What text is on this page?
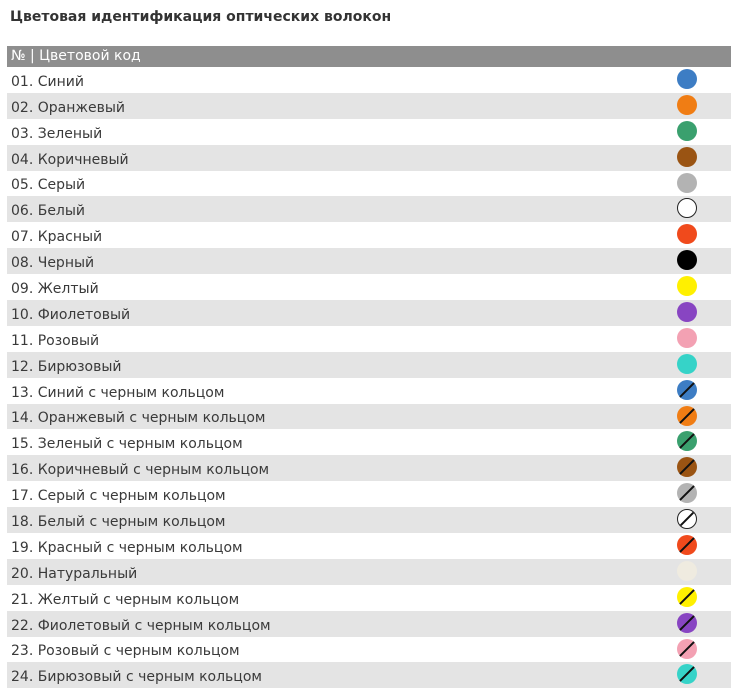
Цветовая идентификация оптических волокон
№ | Цветовой код
01. Синий
02. Оранжевый
03. Зеленый
04. Коричневый
05. Серый
06. Белый
07. Красный
08. Черный
09. Желтый
10. Фиолетовый
11. Розовый
12. Бирюзовый
13. Синий с черным кольцом
14. Оранжевый с черным кольцом
15. Зеленый с черным кольцом
16. Коричневый с черным кольцом
17. Серый с черным кольцом
18. Белый с черным кольцом
19. Красный с черным кольцом
20. Натуральный
21. Желтый с черным кольцом
22. Фиолетовый с черным кольцом
23. Розовый с черным кольцом
24. Бирюзовый с черным кольцом
